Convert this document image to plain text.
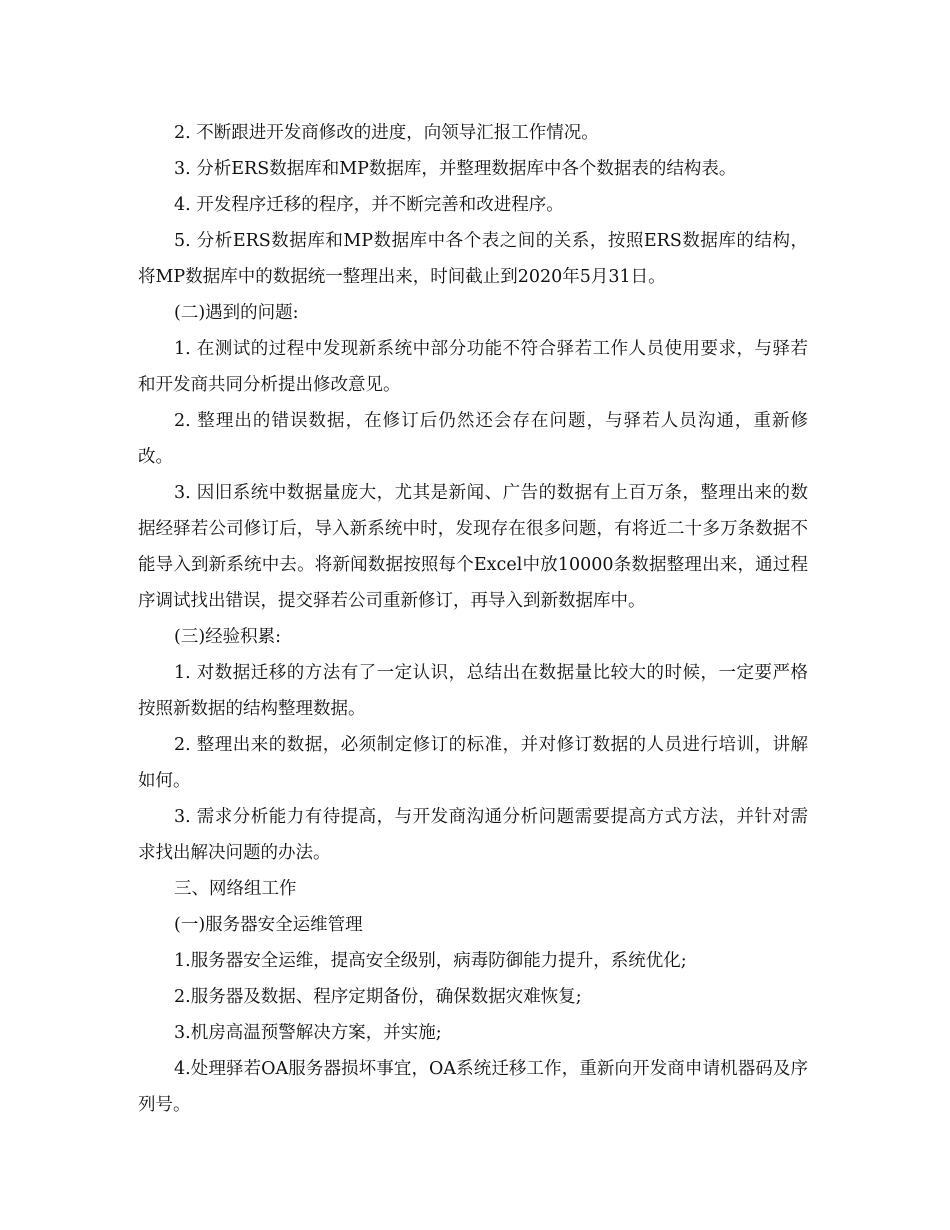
2. 不断跟进开发商修改的进度，向领导汇报工作情况。

3. 分析ERS数据库和MP数据库，并整理数据库中各个数据表的结构表。

4. 开发程序迁移的程序，并不断完善和改进程序。

5. 分析ERS数据库和MP数据库中各个表之间的关系，按照ERS数据库的结构，将MP数据库中的数据统一整理出来，时间截止到2020年5月31日。

(二)遇到的问题:

1. 在测试的过程中发现新系统中部分功能不符合驿若工作人员使用要求，与驿若和开发商共同分析提出修改意见。

2. 整理出的错误数据，在修订后仍然还会存在问题，与驿若人员沟通，重新修改。

3. 因旧系统中数据量庞大，尤其是新闻、广告的数据有上百万条，整理出来的数据经驿若公司修订后，导入新系统中时，发现存在很多问题，有将近二十多万条数据不能导入到新系统中去。将新闻数据按照每个Excel中放10000条数据整理出来，通过程序调试找出错误，提交驿若公司重新修订，再导入到新数据库中。

(三)经验积累:

1. 对数据迁移的方法有了一定认识，总结出在数据量比较大的时候，一定要严格按照新数据的结构整理数据。

2. 整理出来的数据，必须制定修订的标准，并对修订数据的人员进行培训，讲解如何。

3. 需求分析能力有待提高，与开发商沟通分析问题需要提高方式方法，并针对需求找出解决问题的办法。

三、网络组工作

(一)服务器安全运维管理

1.服务器安全运维，提高安全级别，病毒防御能力提升，系统优化;

2.服务器及数据、程序定期备份，确保数据灾难恢复;

3.机房高温预警解决方案，并实施;

4.处理驿若OA服务器损坏事宜，OA系统迁移工作，重新向开发商申请机器码及序列号。
